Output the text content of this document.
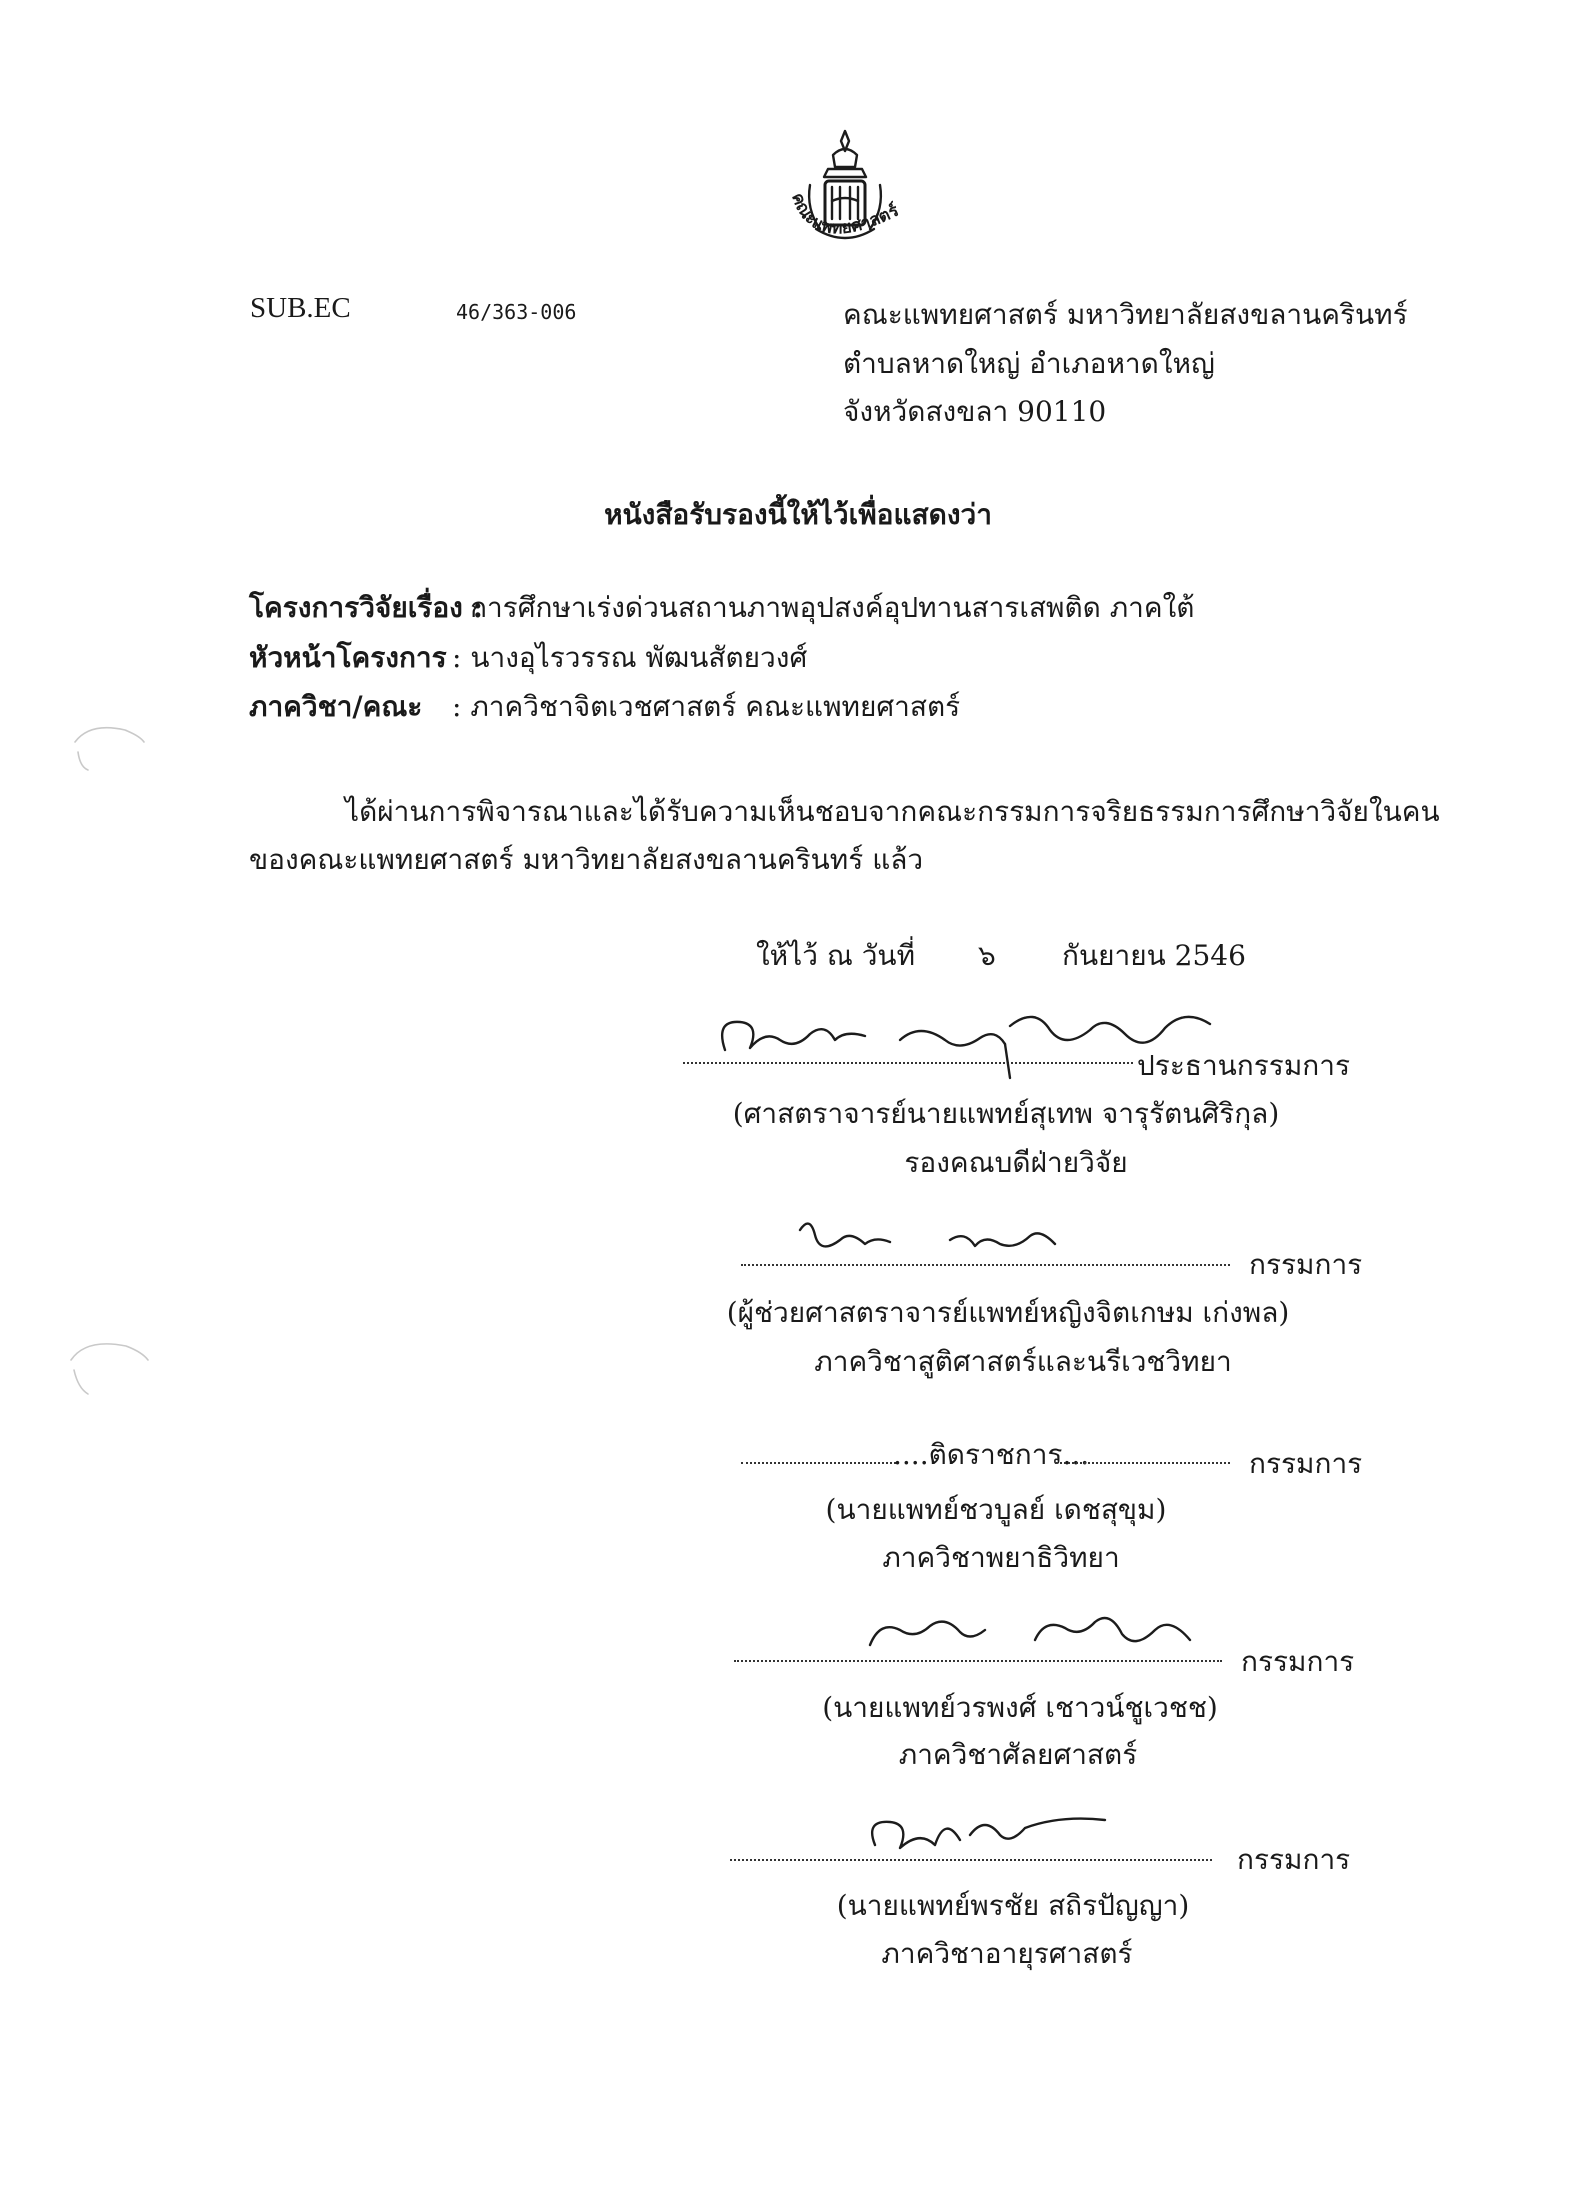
คณะแพทยศาสตร์
SUB.EC	46/363-006	คณะแพทยศาสตร์ มหาวิทยาลัยสงขลานครินทร์
ตำบลหาดใหญ่ อำเภอหาดใหญ่
จังหวัดสงขลา 90110
หนังสือรับรองนี้ให้ไว้เพื่อแสดงว่า
โครงการวิจัยเรื่อง :
การศึกษาเร่งด่วนสถานภาพอุปสงค์อุปทานสารเสพติด ภาคใต้
หัวหน้าโครงการ : นางอุไรวรรณ พัฒนสัตยวงศ์
ภาควิชา/คณะ : ภาควิชาจิตเวชศาสตร์ คณะแพทยศาสตร์
ได้ผ่านการพิจารณาและได้รับความเห็นชอบจากคณะกรรมการจริยธรรมการศึกษาวิจัยในคน
ของคณะแพทยศาสตร์ มหาวิทยาลัยสงขลานครินทร์ แล้ว
ให้ไว้ ณ วันที่ ๖ กันยายน 2546
ประธานกรรมการ
(ศาสตราจารย์นายแพทย์สุเทพ จารุรัตนศิริกุล)
รองคณบดีฝ่ายวิจัย
กรรมการ
(ผู้ช่วยศาสตราจารย์แพทย์หญิงจิตเกษม เก่งพล)
ภาควิชาสูติศาสตร์และนรีเวชวิทยา
....ติดราชการ...	กรรมการ
(นายแพทย์ชวบูลย์ เดชสุขุม)
ภาควิชาพยาธิวิทยา
กรรมการ
(นายแพทย์วรพงศ์ เชาวน์ชูเวชช)
ภาควิชาศัลยศาสตร์
กรรมการ
(นายแพทย์พรชัย สถิรปัญญา)
ภาควิชาอายุรศาสตร์
